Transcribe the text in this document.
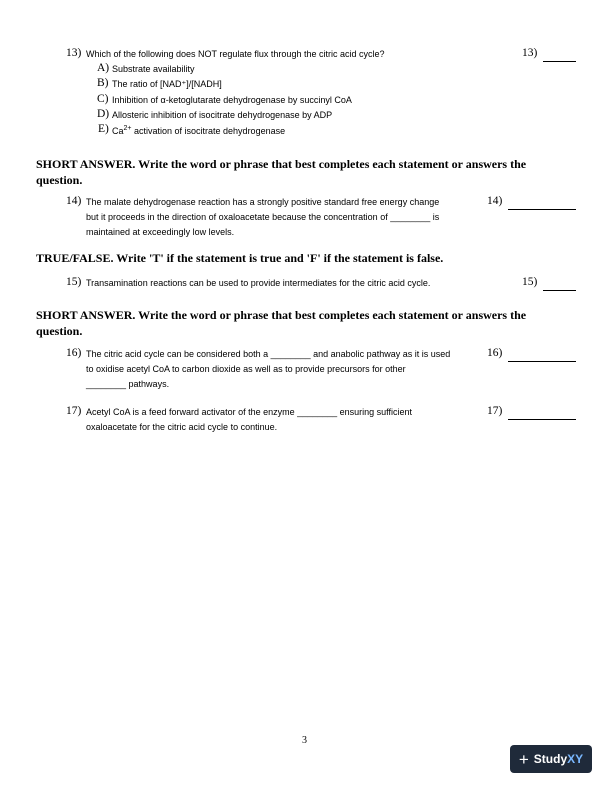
13) Which of the following does NOT regulate flux through the citric acid cycle?
A) Substrate availability
B) The ratio of [NAD⁺]/[NADH]
C) Inhibition of α-ketoglutarate dehydrogenase by succinyl CoA
D) Allosteric inhibition of isocitrate dehydrogenase by ADP
E) $Ca^{2+}$ activation of isocitrate dehydrogenase
13)
SHORT ANSWER. Write the word or phrase that best completes each statement or answers the
question.
14) The malate dehydrogenase reaction has a strongly positive standard free energy change
but it proceeds in the direction of oxaloacetate because the concentration of ________ is
maintained at exceedingly low levels.
14)
TRUE/FALSE. Write 'T' if the statement is true and 'F' if the statement is false.
15) Transamination reactions can be used to provide intermediates for the citric acid cycle.	15)
SHORT ANSWER. Write the word or phrase that best completes each statement or answers the
question.
16) The citric acid cycle can be considered both a ________ and anabolic pathway as it is used
to oxidise acetyl CoA to carbon dioxide as well as to provide precursors for other
________ pathways.
16)
17) Acetyl CoA is a feed forward activator of the enzyme ________ ensuring sufficient
oxaloacetate for the citric acid cycle to continue.
17)
3
+ StudyXY
